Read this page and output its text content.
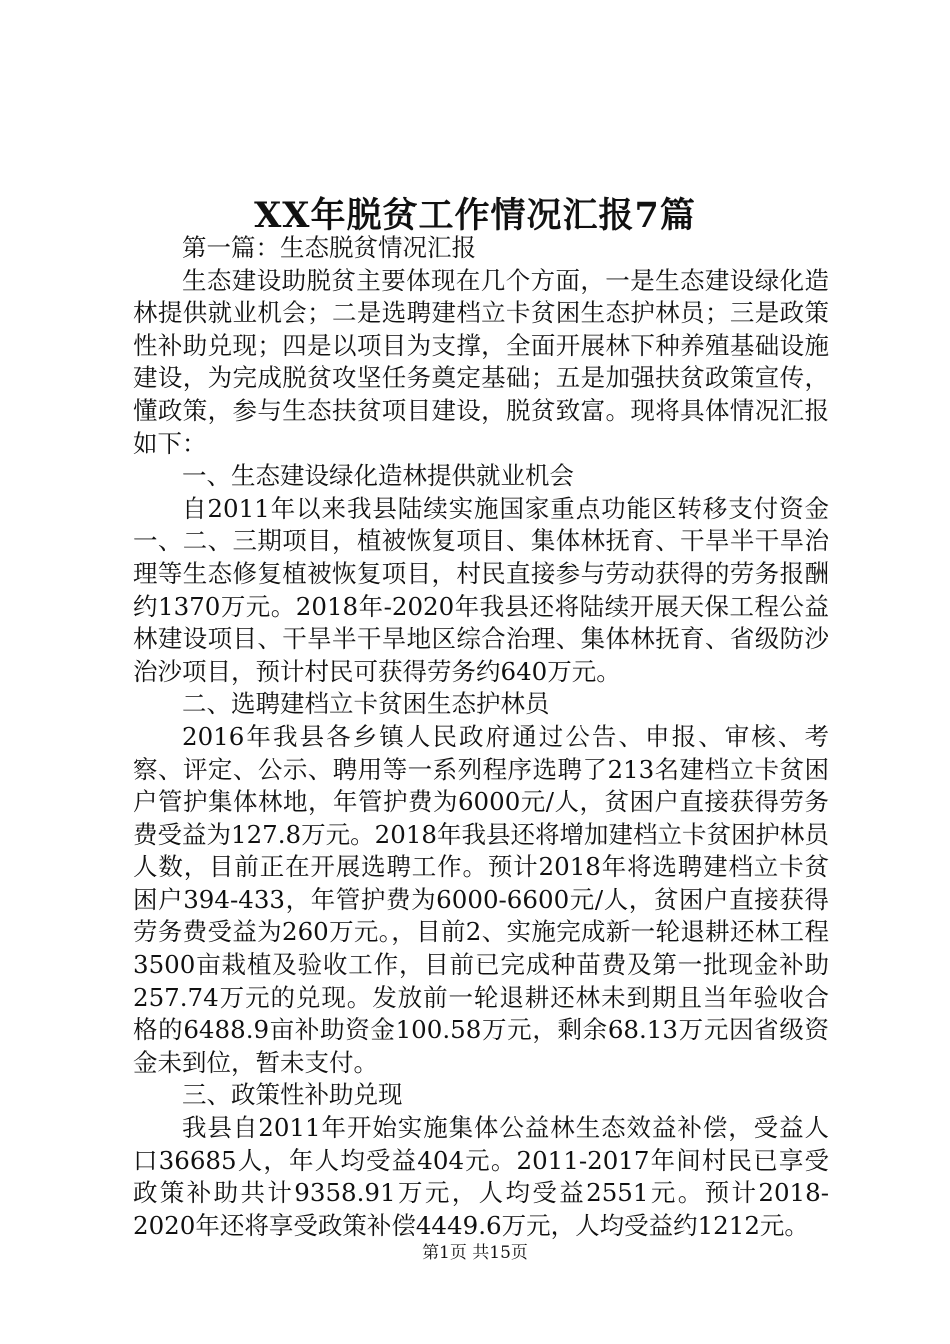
XX年脱贫工作情况汇报7篇

第一篇：生态脱贫情况汇报

生态建设助脱贫主要体现在几个方面，一是生态建设绿化造林提供就业机会；二是选聘建档立卡贫困生态护林员；三是政策性补助兑现；四是以项目为支撑，全面开展林下种养殖基础设施建设，为完成脱贫攻坚任务奠定基础；五是加强扶贫政策宣传，懂政策，参与生态扶贫项目建设，脱贫致富。现将具体情况汇报如下：

一、生态建设绿化造林提供就业机会

自2011年以来我县陆续实施国家重点功能区转移支付资金一、二、三期项目，植被恢复项目、集体林抚育、干旱半干旱治理等生态修复植被恢复项目，村民直接参与劳动获得的劳务报酬约1370万元。2018年-2020年我县还将陆续开展天保工程公益林建设项目、干旱半干旱地区综合治理、集体林抚育、省级防沙治沙项目，预计村民可获得劳务约640万元。

二、选聘建档立卡贫困生态护林员

2016年我县各乡镇人民政府通过公告、申报、审核、考察、评定、公示、聘用等一系列程序选聘了213名建档立卡贫困户管护集体林地，年管护费为6000元/人，贫困户直接获得劳务费受益为127.8万元。2018年我县还将增加建档立卡贫困护林员人数，目前正在开展选聘工作。预计2018年将选聘建档立卡贫困户394-433，年管护费为6000-6600元/人，贫困户直接获得劳务费受益为260万元。，目前2、实施完成新一轮退耕还林工程3500亩栽植及验收工作，目前已完成种苗费及第一批现金补助257.74万元的兑现。发放前一轮退耕还林未到期且当年验收合格的6488.9亩补助资金100.58万元，剩余68.13万元因省级资金未到位，暂未支付。

三、政策性补助兑现

我县自2011年开始实施集体公益林生态效益补偿，受益人口36685人，年人均受益404元。2011-2017年间村民已享受政策补助共计9358.91万元，人均受益2551元。预计2018-2020年还将享受政策补偿4449.6万元，人均受益约1212元。

第1页 共15页
